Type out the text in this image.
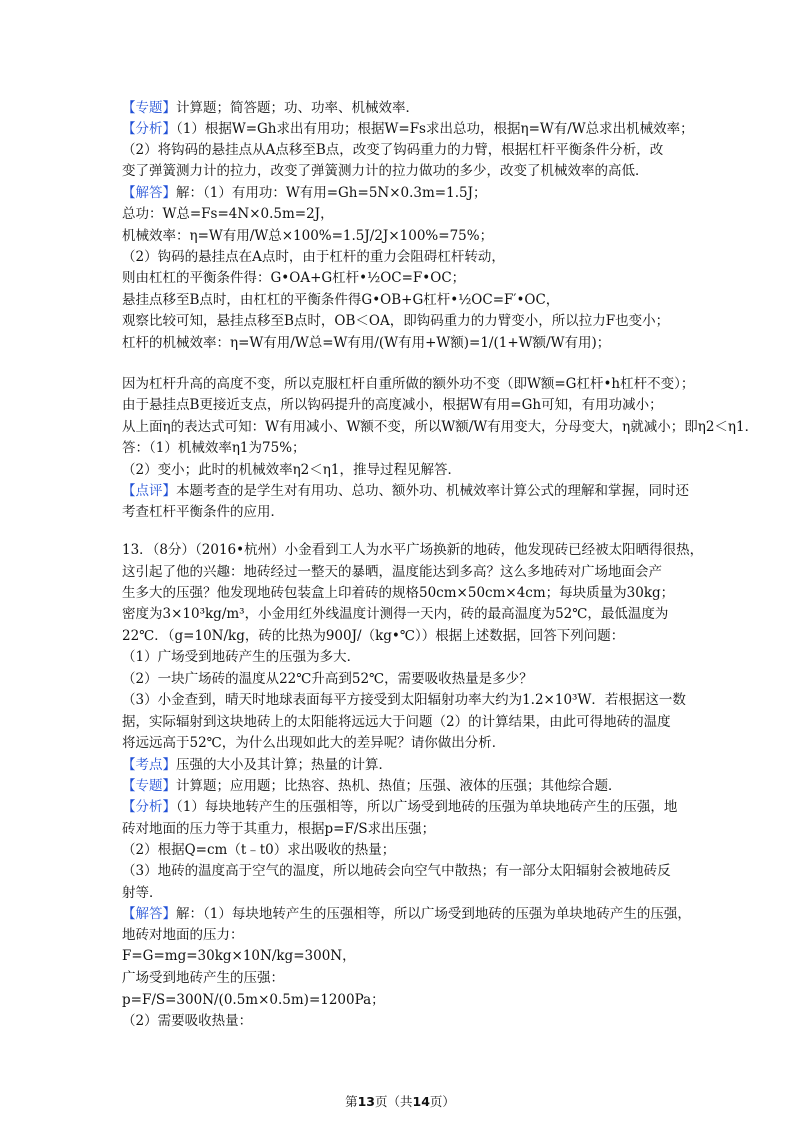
【专题】计算题；简答题；功、功率、机械效率．
【分析】（1）根据W=Gh求出有用功；根据W=Fs求出总功，根据η=W有/W总求出机械效率；
（2）将钩码的悬挂点从A点移至B点，改变了钩码重力的力臂，根据杠杆平衡条件分析，改
变了弹簧测力计的拉力，改变了弹簧测力计的拉力做功的多少，改变了机械效率的高低．
【解答】解：（1）有用功：W有用=Gh=5N×0.3m=1.5J；
总功：W总=Fs=4N×0.5m=2J，
机械效率：η=W有用/W总×100%=1.5J/2J×100%=75%；
（2）钩码的悬挂点在A点时，由于杠杆的重力会阻碍杠杆转动，
则由杠杠的平衡条件得：G•OA+G杠杆•½OC=F•OC；
悬挂点移至B点时，由杠杠的平衡条件得G•OB+G杠杆•½OC=F′•OC，
观察比较可知，悬挂点移至B点时，OB＜OA，即钩码重力的力臂变小，所以拉力F也变小；
杠杆的机械效率：η=W有用/W总=W有用/(W有用+W额)=1/(1+W额/W有用)；
因为杠杆升高的高度不变，所以克服杠杆自重所做的额外功不变（即W额=G杠杆•h杠杆不变）；
由于悬挂点B更接近支点，所以钩码提升的高度减小，根据W有用=Gh可知，有用功减小；
从上面η的表达式可知：W有用减小、W额不变，所以W额/W有用变大，分母变大，η就减小；即η2＜η1．
答：（1）机械效率η1为75%；
（2）变小；此时的机械效率η2＜η1，推导过程见解答．
【点评】本题考查的是学生对有用功、总功、额外功、机械效率计算公式的理解和掌握，同时还
考查杠杆平衡条件的应用．
13．（8分）（2016•杭州）小金看到工人为水平广场换新的地砖，他发现砖已经被太阳晒得很热，
这引起了他的兴趣：地砖经过一整天的暴晒，温度能达到多高？这么多地砖对广场地面会产
生多大的压强？他发现地砖包装盒上印着砖的规格50cm×50cm×4cm；每块质量为30kg；
密度为3×10³kg/m³，小金用红外线温度计测得一天内，砖的最高温度为52℃，最低温度为
22℃．（g=10N/kg，砖的比热为900J/（kg•℃））根据上述数据，回答下列问题：
（1）广场受到地砖产生的压强为多大．
（2）一块广场砖的温度从22℃升高到52℃，需要吸收热量是多少？
（3）小金查到，晴天时地球表面每平方接受到太阳辐射功率大约为1.2×10³W．若根据这一数
据，实际辐射到这块地砖上的太阳能将远远大于问题（2）的计算结果，由此可得地砖的温度
将远远高于52℃，为什么出现如此大的差异呢？请你做出分析．
【考点】压强的大小及其计算；热量的计算．
【专题】计算题；应用题；比热容、热机、热值；压强、液体的压强；其他综合题．
【分析】（1）每块地转产生的压强相等，所以广场受到地砖的压强为单块地砖产生的压强，地
砖对地面的压力等于其重力，根据p=F/S求出压强；
（2）根据Q=cm（t﹣t0）求出吸收的热量；
（3）地砖的温度高于空气的温度，所以地砖会向空气中散热；有一部分太阳辐射会被地砖反
射等．
【解答】解：（1）每块地转产生的压强相等，所以广场受到地砖的压强为单块地砖产生的压强，
地砖对地面的压力：
F=G=mg=30kg×10N/kg=300N，
广场受到地砖产生的压强：
p=F/S=300N/(0.5m×0.5m)=1200Pa；
（2）需要吸收热量：
第13页（共14页）
